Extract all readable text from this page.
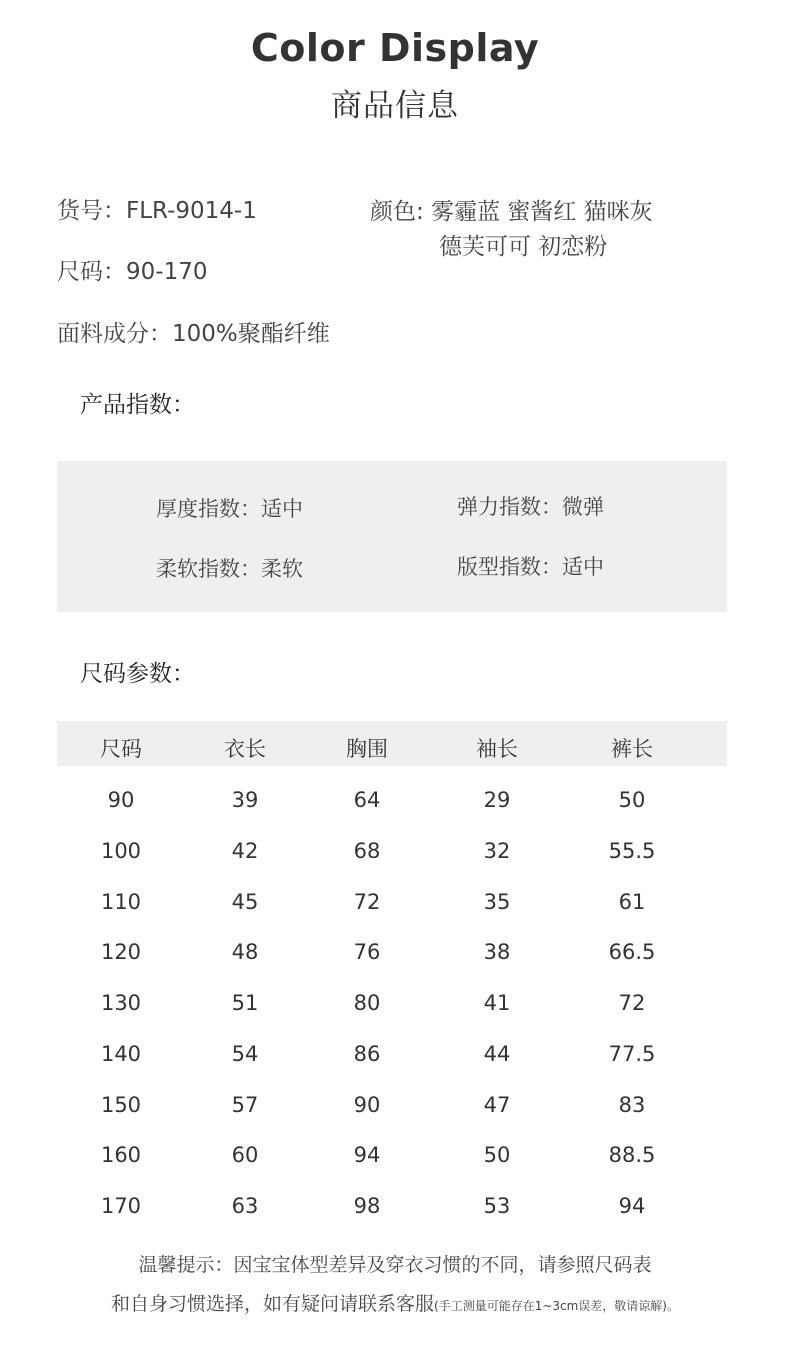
Color Display
商品信息
货号：FLR-9014-1
尺码：90-170
面料成分：100%聚酯纤维
颜色: 雾霾蓝 蜜酱红 猫咪灰
德芙可可 初恋粉
产品指数：
厚度指数：适中	弹力指数：微弹
柔软指数：柔软	版型指数：适中
尺码参数：
尺码	衣长	胸围	袖长	裤长
90	39	64	29	50
100	42	68	32	55.5
110	45	72	35	61
120	48	76	38	66.5
130	51	80	41	72
140	54	86	44	77.5
150	57	90	47	83
160	60	94	50	88.5
170	63	98	53	94
温馨提示：因宝宝体型差异及穿衣习惯的不同，请参照尺码表
和自身习惯选择，如有疑问请联系客服(手工测量可能存在1~3cm误差，敬请谅解)。
